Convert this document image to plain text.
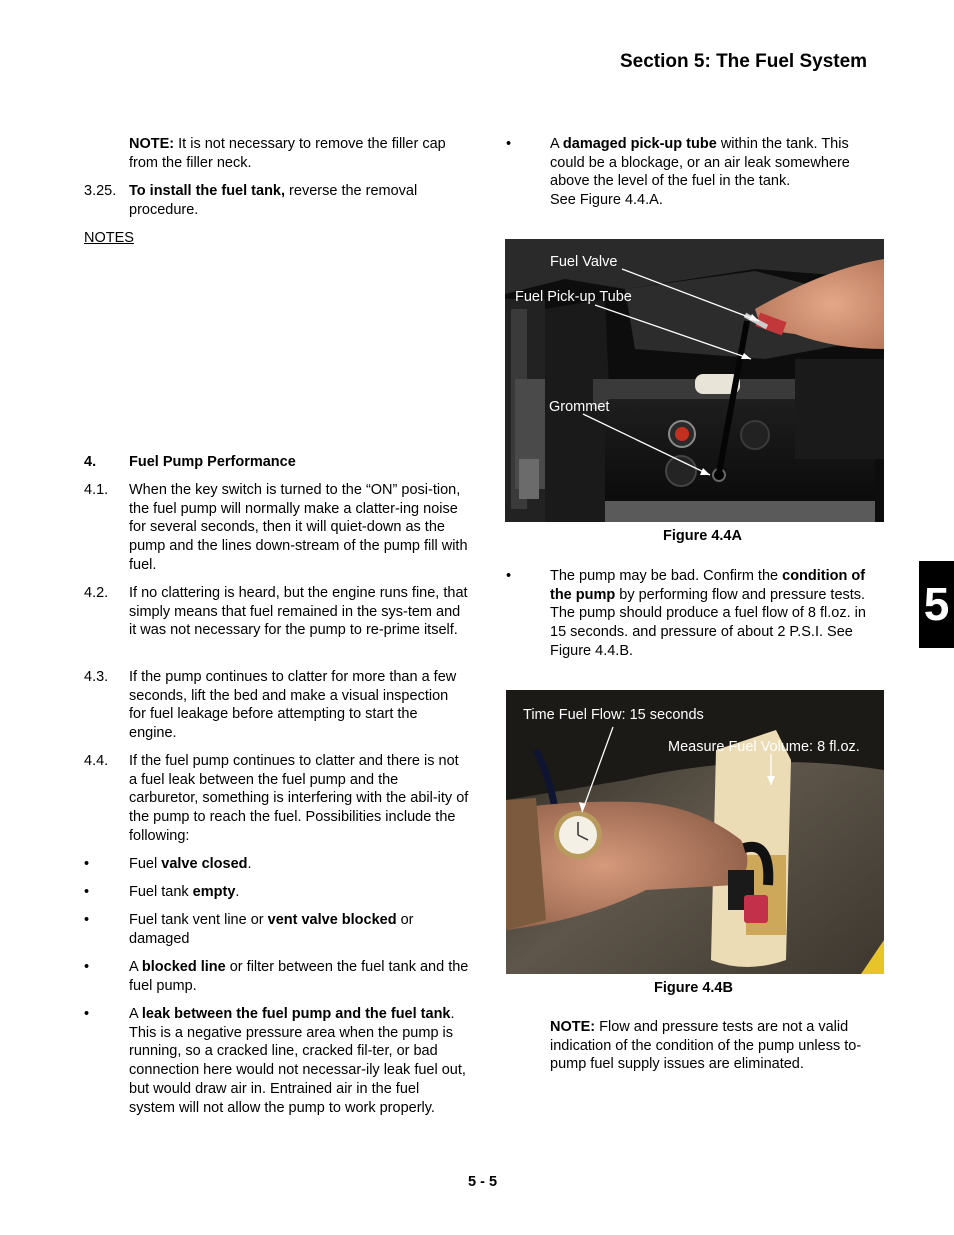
Section 5: The Fuel System
NOTE: It is not necessary to remove the filler cap from the filler neck.
3.25. To install the fuel tank, reverse the removal procedure.
NOTES
4. Fuel Pump Performance
4.1. When the key switch is turned to the “ON” posi-tion, the fuel pump will normally make a clatter-ing noise for several seconds, then it will quiet-down as the pump and the lines down-stream of the pump fill with fuel.
4.2. If no clattering is heard, but the engine runs fine, that simply means that fuel remained in the sys-tem and it was not necessary for the pump to re-prime itself.
4.3. If the pump continues to clatter for more than a few seconds, lift the bed and make a visual inspection for fuel leakage before attempting to start the engine.
4.4. If the fuel pump continues to clatter and there is not a fuel leak between the fuel pump and the carburetor, something is interfering with the abil-ity of the pump to reach the fuel. Possibilities include the following:
•	Fuel valve closed.
•	Fuel tank empty.
•	Fuel tank vent line or vent valve blocked or damaged
•	A blocked line or filter between the fuel tank and the fuel pump.
•	A leak between the fuel pump and the fuel tank. This is a negative pressure area when the pump is running, so a cracked line, cracked fil-ter, or bad connection here would not necessar-ily leak fuel out, but would draw air in. Entrained air in the fuel system will not allow the pump to work properly.
•	A damaged pick-up tube within the tank. This could be a blockage, or an air leak somewhere above the level of the fuel in the tank.
See Figure 4.4.A.
Fuel Valve
Fuel Pick-up Tube
Grommet
Figure 4.4A
•	The pump may be bad. Confirm the condition of the pump by performing flow and pressure tests. The pump should produce a fuel flow of 8 fl.oz. in 15 seconds. and pressure of about 2 P.S.I. See Figure 4.4.B.
Time Fuel Flow: 15 seconds
Measure Fuel Volume: 8 fl.oz.
Figure 4.4B
NOTE: Flow and pressure tests are not a valid indication of the condition of the pump unless to-pump fuel supply issues are eliminated.
5
5 - 5
